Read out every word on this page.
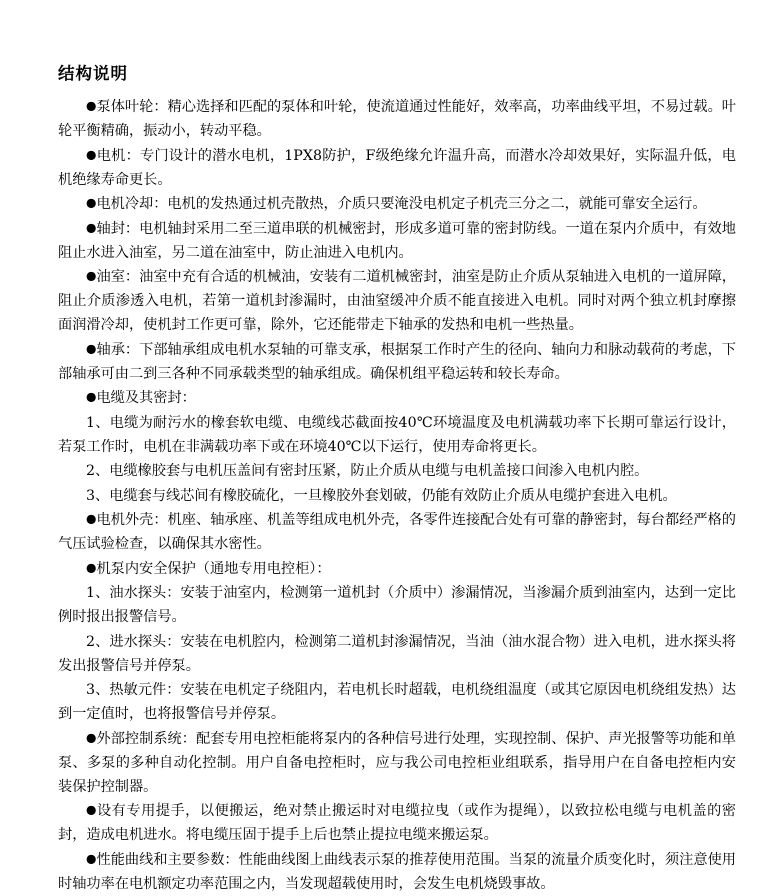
结构说明

●泵体叶轮：精心选择和匹配的泵体和叶轮，使流道通过性能好，效率高，功率曲线平坦，不易过载。叶轮平衡精确，振动小，转动平稳。

●电机：专门设计的潜水电机，1PX8防护，F级绝缘允许温升高，而潜水冷却效果好，实际温升低，电机绝缘寿命更长。

●电机冷却：电机的发热通过机壳散热，介质只要淹没电机定子机壳三分之二，就能可靠安全运行。

●轴封：电机轴封采用二至三道串联的机械密封，形成多道可靠的密封防线。一道在泵内介质中，有效地阻止水进入油室，另二道在油室中，防止油进入电机内。

●油室：油室中充有合适的机械油，安装有二道机械密封，油室是防止介质从泵轴进入电机的一道屏障，阻止介质渗透入电机，若第一道机封渗漏时，由油窒缓冲介质不能直接进入电机。同时对两个独立机封摩擦面润滑冷却，使机封工作更可靠，除外，它还能带走下轴承的发热和电机一些热量。

●轴承：下部轴承组成电机水泵轴的可靠支承，根据泵工作时产生的径向、轴向力和脉动载荷的考虑，下部轴承可由二到三各种不同承载类型的轴承组成。确保机组平稳运转和较长寿命。

●电缆及其密封：

1、电缆为耐污水的橡套软电缆、电缆线芯截面按40℃环境温度及电机满载功率下长期可靠运行设计，若泵工作时，电机在非满载功率下或在环境40℃以下运行，使用寿命将更长。

2、电缆橡胶套与电机压盖间有密封压紧，防止介质从电缆与电机盖接口间渗入电机内腔。

3、电缆套与线芯间有橡胶硫化，一旦橡胶外套划破，仍能有效防止介质从电缆护套进入电机。

●电机外壳：机座、轴承座、机盖等组成电机外壳，各零件连接配合处有可靠的静密封，每台都经严格的气压试验检查，以确保其水密性。

●机泵内安全保护（通地专用电控柜）：

1、油水探头：安装于油室内，检测第一道机封（介质中）渗漏情况，当渗漏介质到油室内，达到一定比例时报出报警信号。

2、进水探头：安装在电机腔内，检测第二道机封渗漏情况，当油（油水混合物）进入电机，进水探头将发出报警信号并停泵。

3、热敏元件：安装在电机定子绕阻内，若电机长时超载，电机绕组温度（或其它原因电机绕组发热）达到一定值时，也将报警信号并停泵。

●外部控制系统：配套专用电控柜能将泵内的各种信号进行处理，实现控制、保护、声光报警等功能和单泵、多泵的多种自动化控制。用户自备电控柜时，应与我公司电控柜业组联系，指导用户在自备电控柜内安装保护控制器。

●设有专用提手，以便搬运，绝对禁止搬运时对电缆拉曳（或作为提绳），以致拉松电缆与电机盖的密封，造成电机进水。将电缆压固于提手上后也禁止提拉电缆来搬运泵。

●性能曲线和主要参数：性能曲线图上曲线表示泵的推荐使用范围。当泵的流量介质变化时，须注意使用时轴功率在电机额定功率范围之内，当发现超载使用时，会发生电机烧毁事故。
